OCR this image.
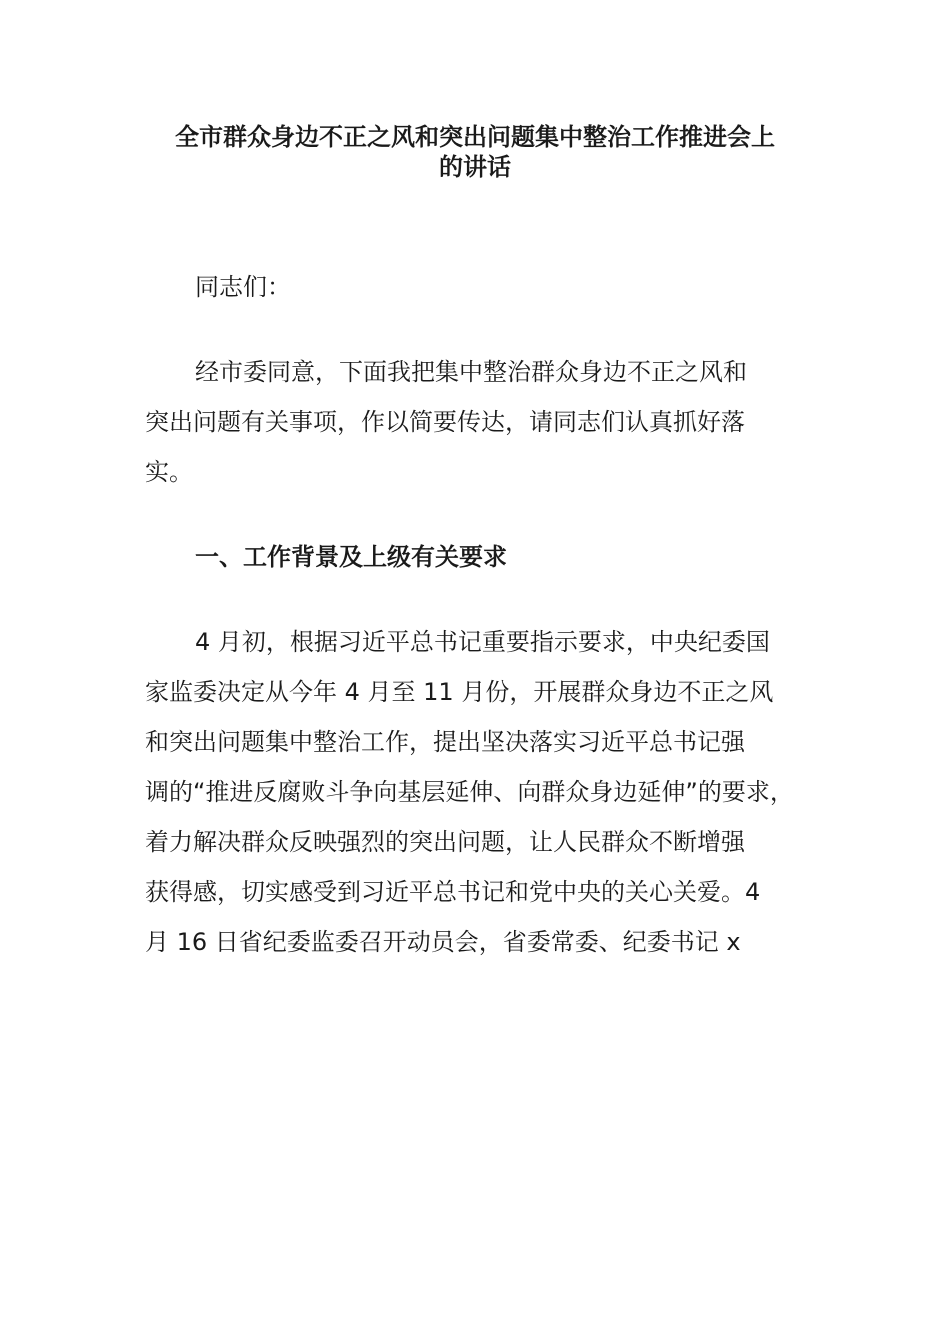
全市群众身边不正之风和突出问题集中整治工作推进会上
的讲话
同志们：
经市委同意，下面我把集中整治群众身边不正之风和
突出问题有关事项，作以简要传达，请同志们认真抓好落
实。
一、工作背景及上级有关要求
4 月初，根据习近平总书记重要指示要求，中央纪委国
家监委决定从今年 4 月至 11 月份，开展群众身边不正之风
和突出问题集中整治工作，提出坚决落实习近平总书记强
调的“推进反腐败斗争向基层延伸、向群众身边延伸”的要求，
着力解决群众反映强烈的突出问题，让人民群众不断增强
获得感，切实感受到习近平总书记和党中央的关心关爱。4
月 16 日省纪委监委召开动员会，省委常委、纪委书记 x
